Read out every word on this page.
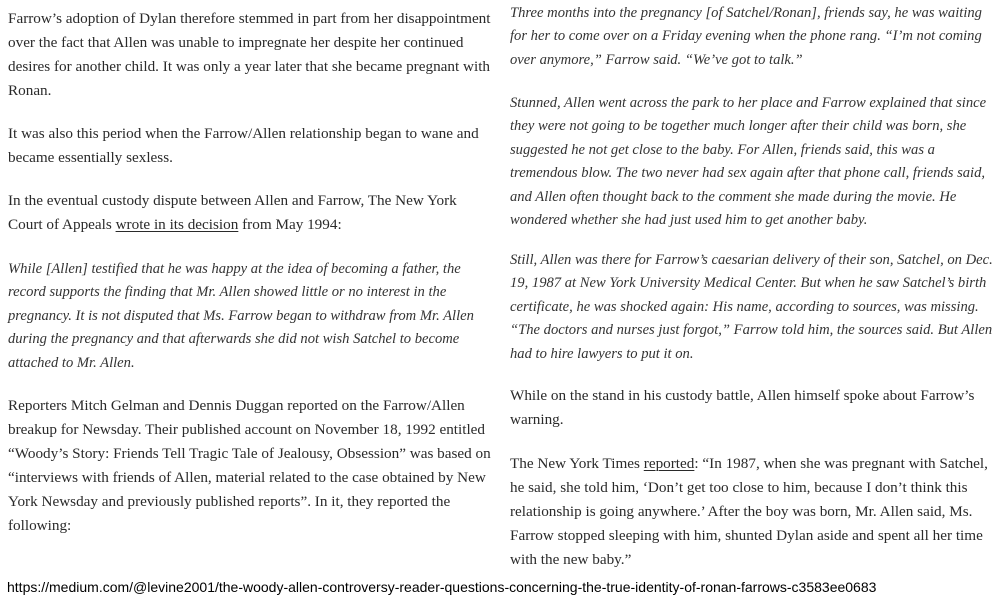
Farrow’s adoption of Dylan therefore stemmed in part from her disappointment over the fact that Allen was unable to impregnate her despite her continued desires for another child. It was only a year later that she became pregnant with Ronan.

It was also this period when the Farrow/Allen relationship began to wane and became essentially sexless.

In the eventual custody dispute between Allen and Farrow, The New York Court of Appeals wrote in its decision from May 1994:

While [Allen] testified that he was happy at the idea of becoming a father, the record supports the finding that Mr. Allen showed little or no interest in the pregnancy. It is not disputed that Ms. Farrow began to withdraw from Mr. Allen during the pregnancy and that afterwards she did not wish Satchel to become attached to Mr. Allen.

Reporters Mitch Gelman and Dennis Duggan reported on the Farrow/Allen breakup for Newsday. Their published account on November 18, 1992 entitled “Woody’s Story: Friends Tell Tragic Tale of Jealousy, Obsession” was based on “interviews with friends of Allen, material related to the case obtained by New York Newsday and previously published reports”. In it, they reported the following:

Three months into the pregnancy [of Satchel/Ronan], friends say, he was waiting for her to come over on a Friday evening when the phone rang. “I’m not coming over anymore,” Farrow said. “We’ve got to talk.”

Stunned, Allen went across the park to her place and Farrow explained that since they were not going to be together much longer after their child was born, she suggested he not get close to the baby. For Allen, friends said, this was a tremendous blow. The two never had sex again after that phone call, friends said, and Allen often thought back to the comment she made during the movie. He wondered whether she had just used him to get another baby.

Still, Allen was there for Farrow’s caesarian delivery of their son, Satchel, on Dec. 19, 1987 at New York University Medical Center. But when he saw Satchel’s birth certificate, he was shocked again: His name, according to sources, was missing. “The doctors and nurses just forgot,” Farrow told him, the sources said. But Allen had to hire lawyers to put it on.

While on the stand in his custody battle, Allen himself spoke about Farrow’s warning.

The New York Times reported: “In 1987, when she was pregnant with Satchel, he said, she told him, ‘Don’t get too close to him, because I don’t think this relationship is going anywhere.’ After the boy was born, Mr. Allen said, Ms. Farrow stopped sleeping with him, shunted Dylan aside and spent all her time with the new baby.”

https://medium.com/@levine2001/the-woody-allen-controversy-reader-questions-concerning-the-true-identity-of-ronan-farrows-c3583ee0683
